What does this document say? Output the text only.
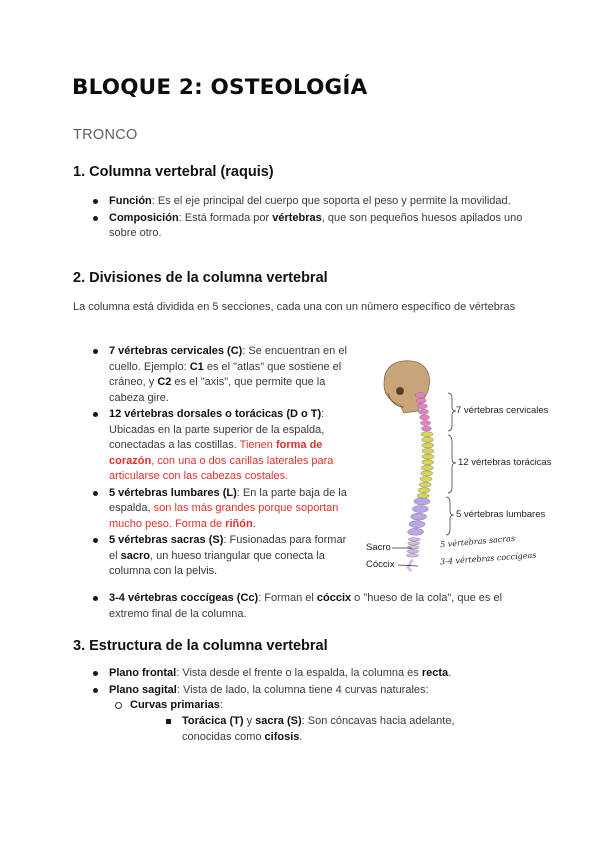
BLOQUE 2: OSTEOLOGÍA

TRONCO

1. Columna vertebral (raquis)
Función: Es el eje principal del cuerpo que soporta el peso y permite la movilidad.
Composición: Está formada por vértebras, que son pequeños huesos apilados uno sobre otro.
2. Divisiones de la columna vertebral

La columna está dividida en 5 secciones, cada una con un número específico de vértebras

7 vértebras cervicales (C): Se encuentran en el cuello. Ejemplo: C1 es el "atlas" que sostiene el cráneo, y C2 es el "axis", que permite que la cabeza gire.
12 vértebras dorsales o torácicas (D o T): Ubicadas en la parte superior de la espalda, conectadas a las costillas. Tienen forma de corazón, con una o dos carillas laterales para articularse con las cabezas costales.
5 vértebras lumbares (L): En la parte baja de la espalda, son las más grandes porque soportan mucho peso. Forma de riñón.
5 vértebras sacras (S): Fusionadas para formar el sacro, un hueso triangular que conecta la columna con la pelvis.
3-4 vértebras coccígeas (Cc): Forman el cóccix o "hueso de la cola", que es el extremo final de la columna.
7 vértebras cervicales
12 vértebras torácicas
5 vértebras lumbares
Sacro
Cóccix
5 vértebras sacras
3-4 vértebras coccígeas
3. Estructura de la columna vertebral
Plano frontal: Vista desde el frente o la espalda, la columna es recta.
Plano sagital: Vista de lado, la columna tiene 4 curvas naturales:
Curvas primarias:
Torácica (T) y sacra (S): Son cóncavas hacia adelante, conocidas como cifosis.
